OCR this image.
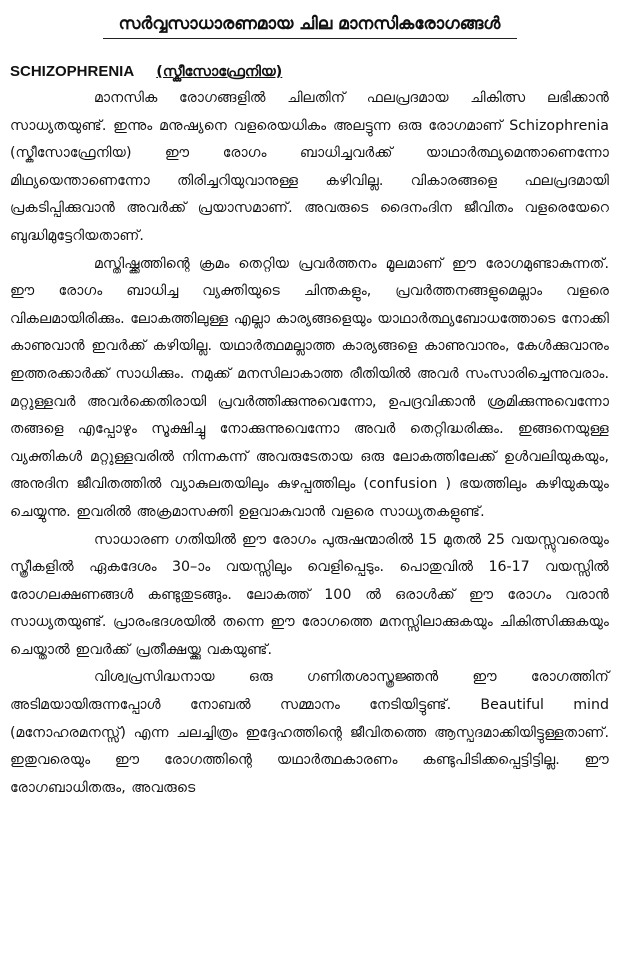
സർവ്വസാധാരണമായ ചില മാനസികരോഗങ്ങൾ
SCHIZOPHRENIA (സ്കീസോഫ്രേനിയ)

മാനസിക രോഗങ്ങളിൽ ചിലതിന് ഫലപ്രദമായ ചികിത്സ ലഭിക്കാൻ സാധ്യതയുണ്ട്. ഇന്നും മനുഷ്യനെ വളരെയധികം അലട്ടുന്ന ഒരു രോഗമാണ് Schizophrenia (സ്കീസോഫ്രേനിയ) ഈ രോഗം ബാധിച്ചവർക്ക് യാഥാർത്ഥ്യമെന്താണെന്നോ മിഥ്യയെന്താണെന്നോ തിരിച്ചറിയുവാനുള്ള കഴിവില്ല. വികാരങ്ങളെ ഫലപ്രദമായി പ്രകടിപ്പിക്കുവാൻ അവർക്ക് പ്രയാസമാണ്. അവരുടെ ദൈനംദിന ജീവിതം വളരെയേറെ ബുദ്ധിമുട്ടേറിയതാണ്.

മസ്തിഷ്ക്കത്തിന്റെ ക്രമം തെറ്റിയ പ്രവർത്തനം മൂലമാണ് ഈ രോഗമുണ്ടാകുന്നത്. ഈ രോഗം ബാധിച്ച വ്യക്തിയുടെ ചിന്തകളും, പ്രവർത്തനങ്ങളുമെല്ലാം വളരെ വികലമായിരിക്കും. ലോകത്തിലുള്ള എല്ലാ കാര്യങ്ങളെയും യാഥാർത്ഥ്യബോധത്തോടെ നോക്കി കാണുവാൻ ഇവർക്ക് കഴിയില്ല. യഥാർത്ഥമല്ലാത്ത കാര്യങ്ങളെ കാണുവാനും, കേൾക്കുവാനും ഇത്തരക്കാർക്ക് സാധിക്കും. നമുക്ക് മനസിലാകാത്ത രീതിയിൽ അവർ സംസാരിച്ചെന്നുവരാം. മറ്റുള്ളവർ അവർക്കെതിരായി പ്രവർത്തിക്കുന്നുവെന്നോ, ഉപദ്രവിക്കാൻ ശ്രമിക്കുന്നുവെന്നോ തങ്ങളെ എപ്പോഴും സൂക്ഷിച്ചു നോക്കുന്നുവെന്നോ അവർ തെറ്റിദ്ധരിക്കും. ഇങ്ങനെയുള്ള വ്യക്തികൾ മറ്റുള്ളവരിൽ നിന്നകന്ന് അവരുടേതായ ഒരു ലോകത്തിലേക്ക് ഉൾവലിയുകയും, അനുദിന ജീവിതത്തിൽ വ്യാകുലതയിലും കുഴപ്പത്തിലും (confusion ) ഭയത്തിലും കഴിയുകയും ചെയ്യുന്നു. ഇവരിൽ അക്രമാസക്തി ഉളവാകുവാൻ വളരെ സാധ്യതകളുണ്ട്.

സാധാരണ ഗതിയിൽ ഈ രോഗം പുരുഷന്മാരിൽ 15 മുതൽ 25 വയസ്സുവരെയും സ്ത്രീകളിൽ ഏകദേശം 30–ാം വയസ്സിലും വെളിപ്പെടും. പൊതുവിൽ 16-17 വയസ്സിൽ രോഗലക്ഷണങ്ങൾ കണ്ടുതുടങ്ങും. ലോകത്ത് 100 ൽ ഒരാൾക്ക് ഈ രോഗം വരാൻ സാധ്യതയുണ്ട്. പ്രാരംഭദശയിൽ തന്നെ ഈ രോഗത്തെ മനസ്സിലാക്കുകയും ചികിത്സിക്കുകയും ചെയ്താൽ ഇവർക്ക് പ്രതീക്ഷയ്ക്കു വകയുണ്ട്.

വിശ്വപ്രസിദ്ധനായ ഒരു ഗണിതശാസ്ത്രജ്ഞൻ ഈ രോഗത്തിന് അടിമയായിരുന്നപ്പോൾ നോബൽ സമ്മാനം നേടിയിട്ടുണ്ട്. Beautiful mind (മനോഹരമനസ്സ്) എന്ന ചലച്ചിത്രം ഇദ്ദേഹത്തിന്റെ ജീവിതത്തെ ആസ്പദമാക്കിയിട്ടുള്ളതാണ്. ഇതുവരെയും ഈ രോഗത്തിന്റെ യഥാർത്ഥകാരണം കണ്ടുപിടിക്കപ്പെട്ടിട്ടില്ല. ഈ രോഗബാധിതരും, അവരുടെ
